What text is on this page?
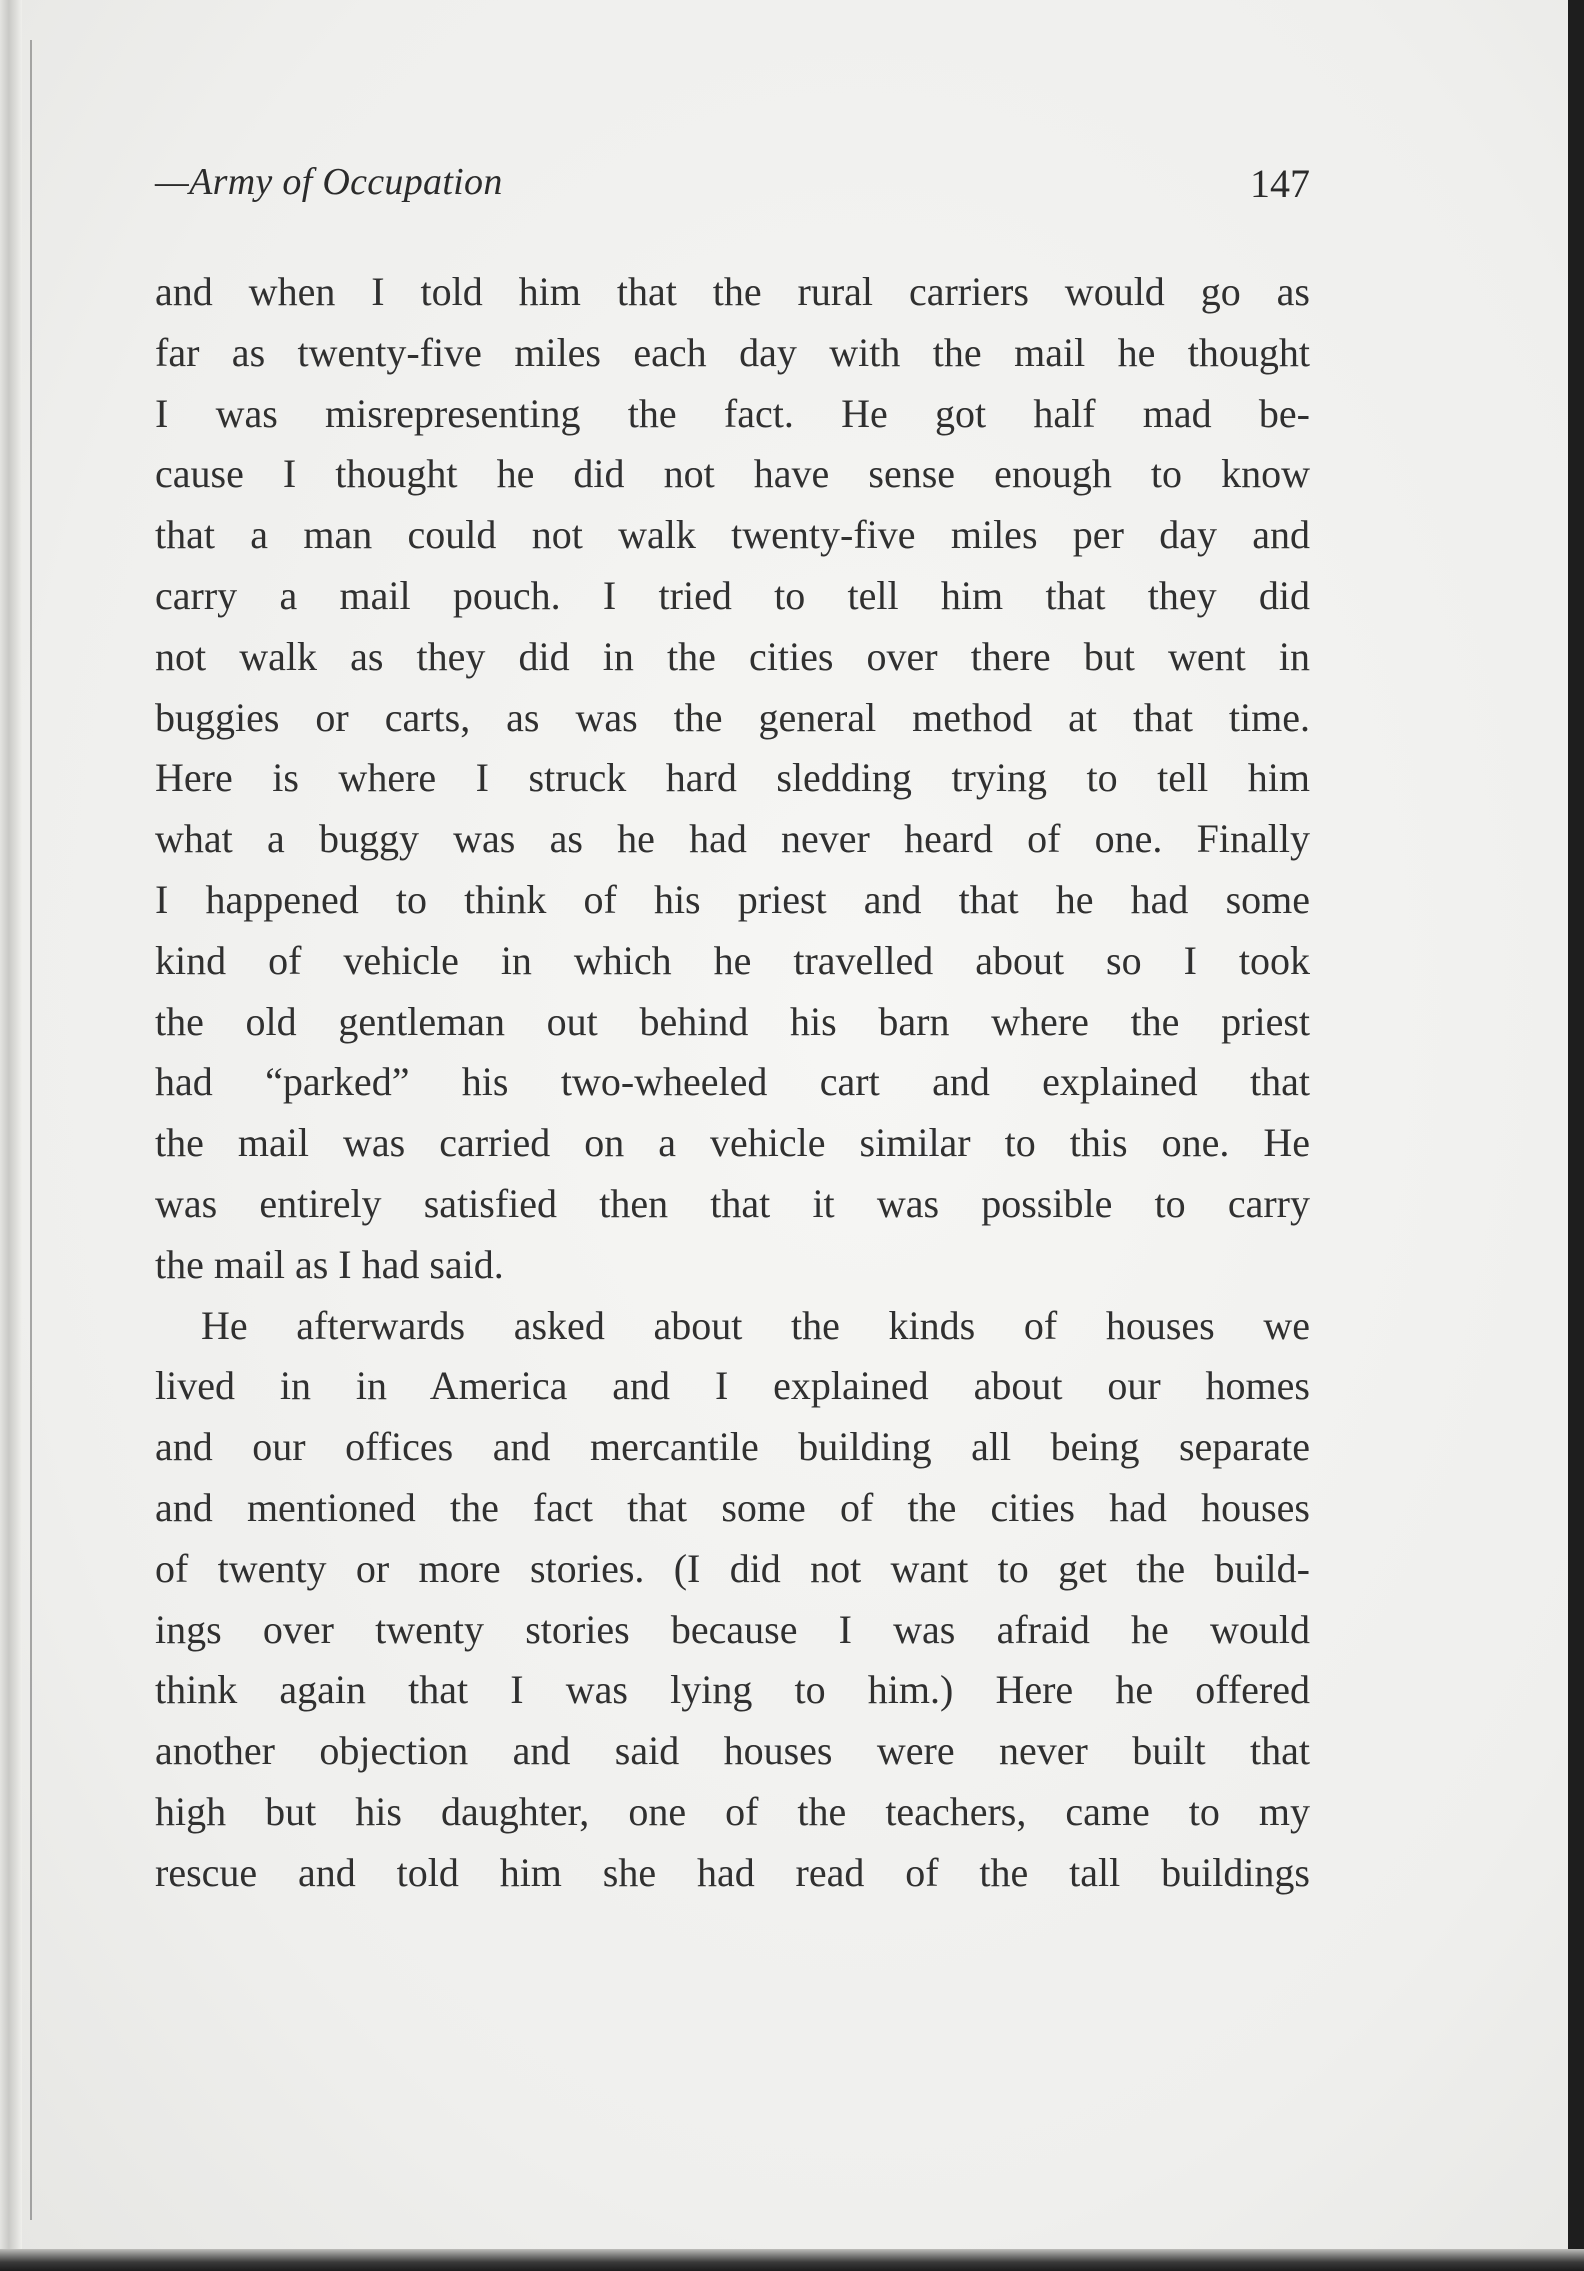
—Army of Occupation	147
and when I told him that the rural carriers would go as
far as twenty-five miles each day with the mail he thought
I was misrepresenting the fact. He got half mad be-
cause I thought he did not have sense enough to know
that a man could not walk twenty-five miles per day and
carry a mail pouch. I tried to tell him that they did
not walk as they did in the cities over there but went in
buggies or carts, as was the general method at that time.
Here is where I struck hard sledding trying to tell him
what a buggy was as he had never heard of one. Finally
I happened to think of his priest and that he had some
kind of vehicle in which he travelled about so I took
the old gentleman out behind his barn where the priest
had “parked” his two-wheeled cart and explained that
the mail was carried on a vehicle similar to this one. He
was entirely satisfied then that it was possible to carry
the mail as I had said.
He afterwards asked about the kinds of houses we
lived in in America and I explained about our homes
and our offices and mercantile building all being separate
and mentioned the fact that some of the cities had houses
of twenty or more stories. (I did not want to get the build-
ings over twenty stories because I was afraid he would
think again that I was lying to him.) Here he offered
another objection and said houses were never built that
high but his daughter, one of the teachers, came to my
rescue and told him she had read of the tall buildings
